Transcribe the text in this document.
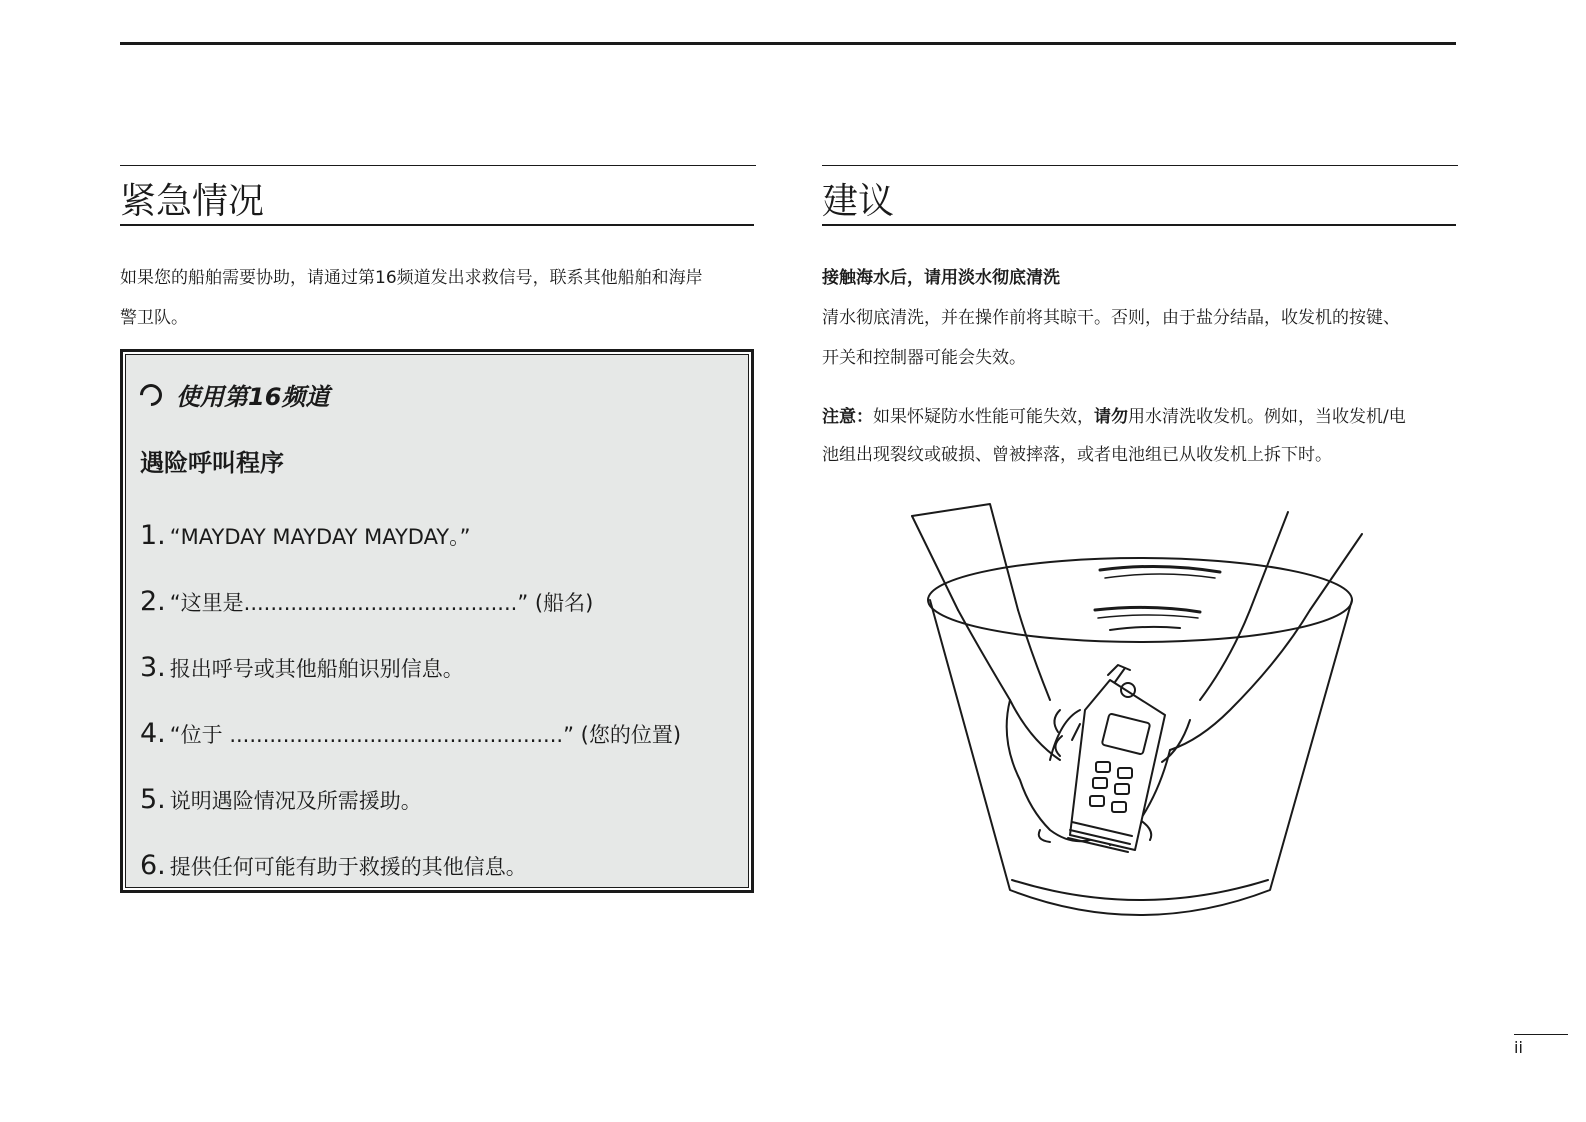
紧急情况

如果您的船舶需要协助，请通过第16频道发出求救信号，联系其他船舶和海岸

警卫队。

使用第16频道
遇险呼叫程序
1. “MAYDAY MAYDAY MAYDAY。”
2. “这里是.........................................” (船名)
3. 报出呼号或其他船舶识别信息。
4. “位于 ..................................................” (您的位置)
5. 说明遇险情况及所需援助。
6. 提供任何可能有助于救援的其他信息。
建议

接触海水后，请用淡水彻底清洗

清水彻底清洗，并在操作前将其晾干。否则，由于盐分结晶，收发机的按键、

开关和控制器可能会失效。

注意：如果怀疑防水性能可能失效，请勿用水清洗收发机。例如，当收发机/电

池组出现裂纹或破损、曾被摔落，或者电池组已从收发机上拆下时。

ii
